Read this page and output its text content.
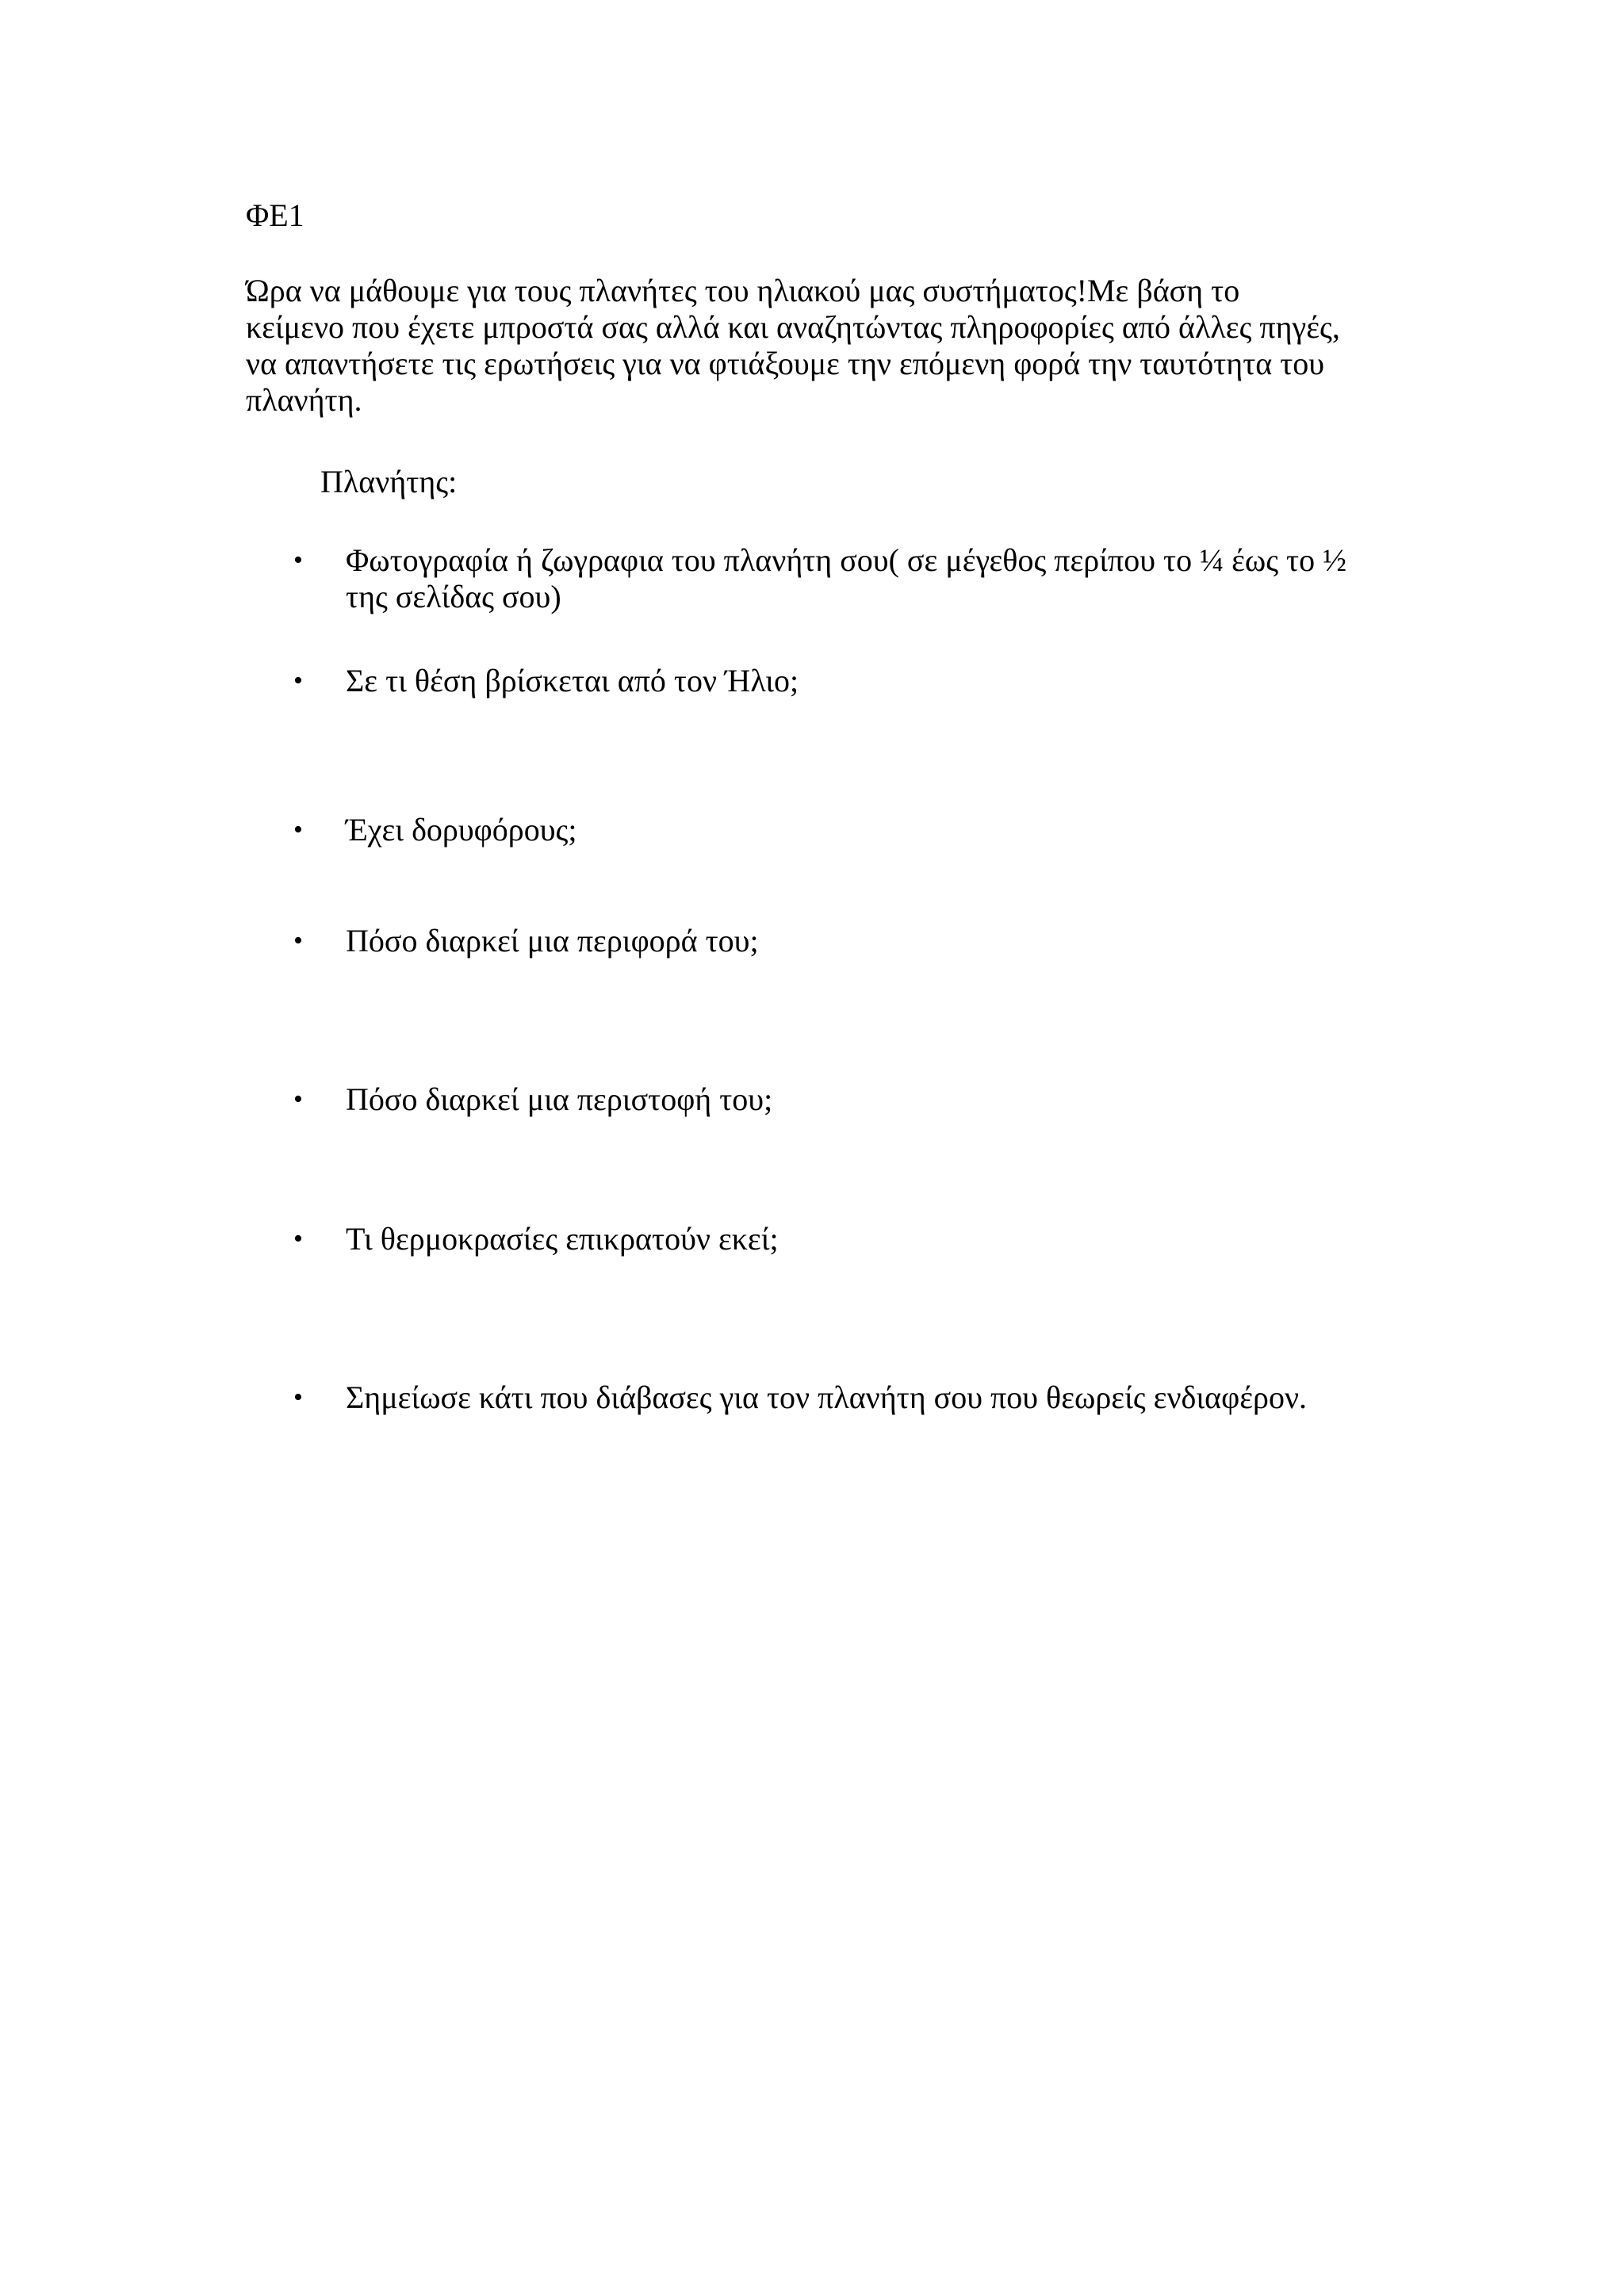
ΦΕ1
Ώρα να μάθουμε για τους πλανήτες του ηλιακού μας συστήματος!Με βάση το
κείμενο που έχετε μπροστά σας αλλά και αναζητώντας πληροφορίες από άλλες πηγές,
να απαντήσετε τις ερωτήσεις για να φτιάξουμε την επόμενη φορά την ταυτότητα του
πλανήτη.
Πλανήτης:
•	Φωτογραφία ή ζωγραφια του πλανήτη σου( σε μέγεθος περίπου το ¼ έως το ½
της σελίδας σου)
•	Σε τι θέση βρίσκεται από τον Ήλιο;
•	Έχει δορυφόρους;
•	Πόσο διαρκεί μια περιφορά του;
•	Πόσο διαρκεί μια περιστοφή του;
•	Τι θερμοκρασίες επικρατούν εκεί;
•	Σημείωσε κάτι που διάβασες για τον πλανήτη σου που θεωρείς ενδιαφέρον.
